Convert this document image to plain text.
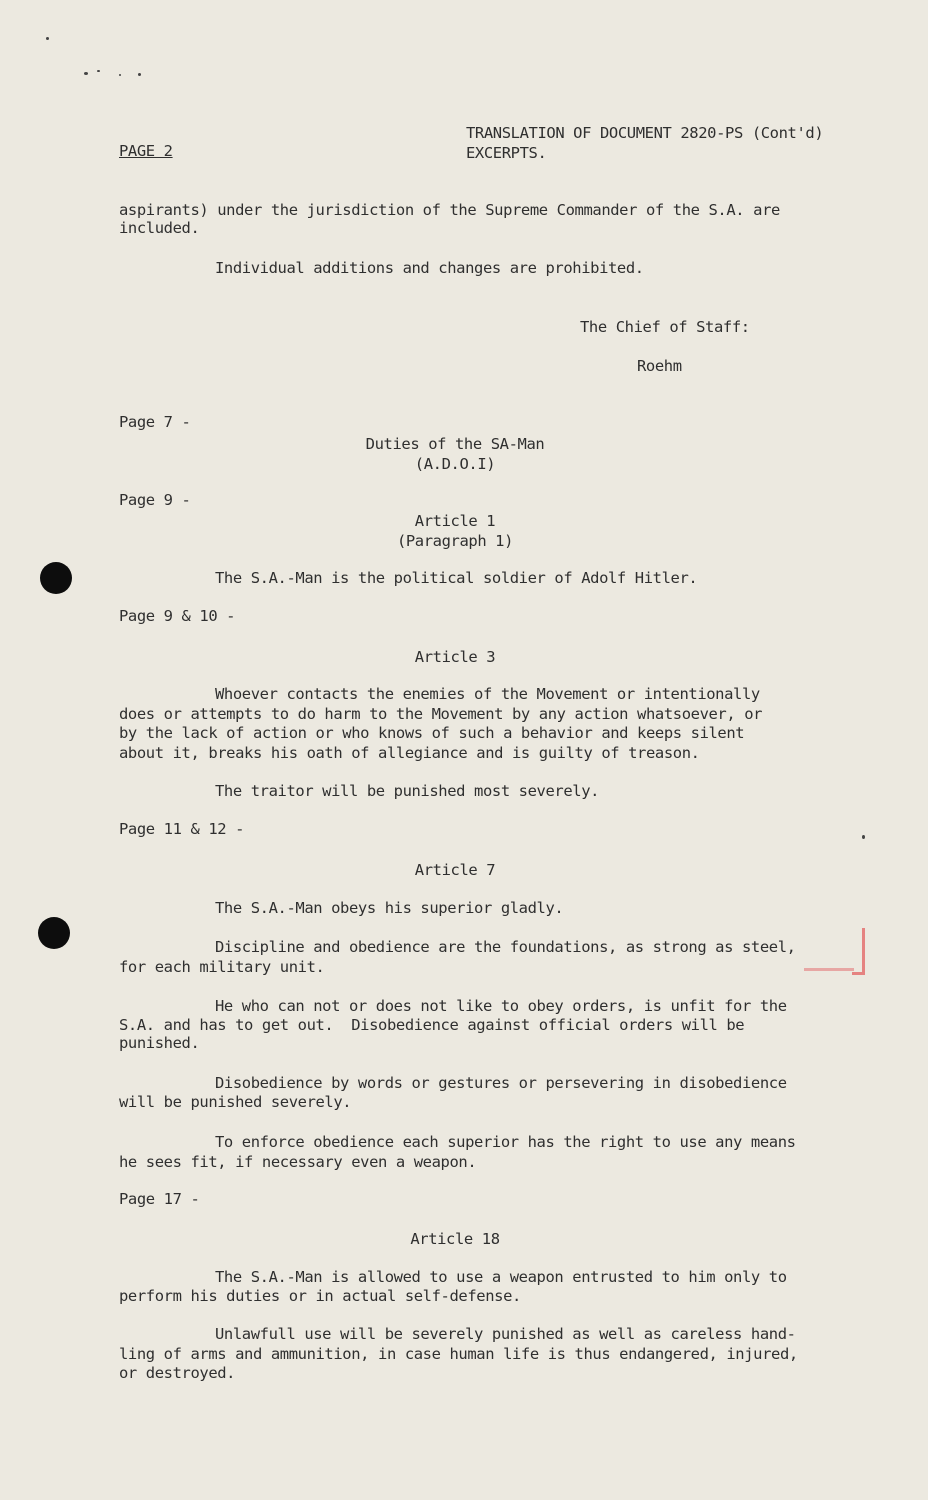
PAGE 2
TRANSLATION OF DOCUMENT 2820-PS (Cont'd)
EXCERPTS.
aspirants) under the jurisdiction of the Supreme Commander of the S.A. are
included.
Individual additions and changes are prohibited.
The Chief of Staff:
Roehm
Page 7 -
Duties of the SA-Man
(A.D.O.I)
Page 9 -
Article 1
(Paragraph 1)
The S.A.-Man is the political soldier of Adolf Hitler.
Page 9 & 10 -
Article 3
Whoever contacts the enemies of the Movement or intentionally
does or attempts to do harm to the Movement by any action whatsoever, or
by the lack of action or who knows of such a behavior and keeps silent
about it, breaks his oath of allegiance and is guilty of treason.
The traitor will be punished most severely.
Page 11 & 12 -
Article 7
The S.A.-Man obeys his superior gladly.
Discipline and obedience are the foundations, as strong as steel,
for each military unit.
He who can not or does not like to obey orders, is unfit for the
S.A. and has to get out.  Disobedience against official orders will be
punished.
Disobedience by words or gestures or persevering in disobedience
will be punished severely.
To enforce obedience each superior has the right to use any means
he sees fit, if necessary even a weapon.
Page 17 -
Article 18
The S.A.-Man is allowed to use a weapon entrusted to him only to
perform his duties or in actual self-defense.
Unlawfull use will be severely punished as well as careless hand-
ling of arms and ammunition, in case human life is thus endangered, injured,
or destroyed.
